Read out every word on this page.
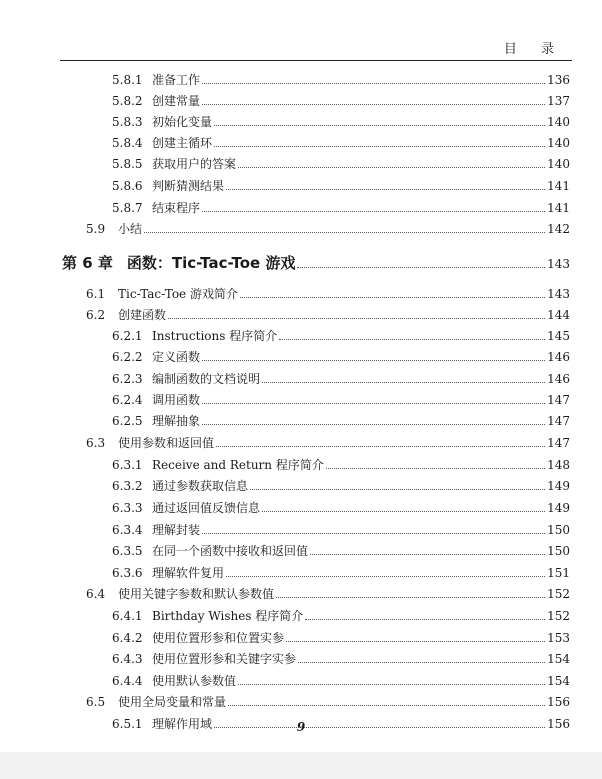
目 录
5.8.1 准备工作	136
5.8.2 创建常量	137
5.8.3 初始化变量	140
5.8.4 创建主循环	140
5.8.5 获取用户的答案	140
5.8.6 判断猜测结果	141
5.8.7 结束程序	141
5.9 小结	142
第 6 章 函数：Tic-Tac-Toe 游戏	143
6.1 Tic-Tac-Toe 游戏简介	143
6.2 创建函数	144
6.2.1 Instructions 程序简介	145
6.2.2 定义函数	146
6.2.3 编制函数的文档说明	146
6.2.4 调用函数	147
6.2.5 理解抽象	147
6.3 使用参数和返回值	147
6.3.1 Receive and Return 程序简介	148
6.3.2 通过参数获取信息	149
6.3.3 通过返回值反馈信息	149
6.3.4 理解封装	150
6.3.5 在同一个函数中接收和返回值	150
6.3.6 理解软件复用	151
6.4 使用关键字参数和默认参数值	152
6.4.1 Birthday Wishes 程序简介	152
6.4.2 使用位置形参和位置实参	153
6.4.3 使用位置形参和关键字实参	154
6.4.4 使用默认参数值	154
6.5 使用全局变量和常量	156
6.5.1 理解作用域	156
9
